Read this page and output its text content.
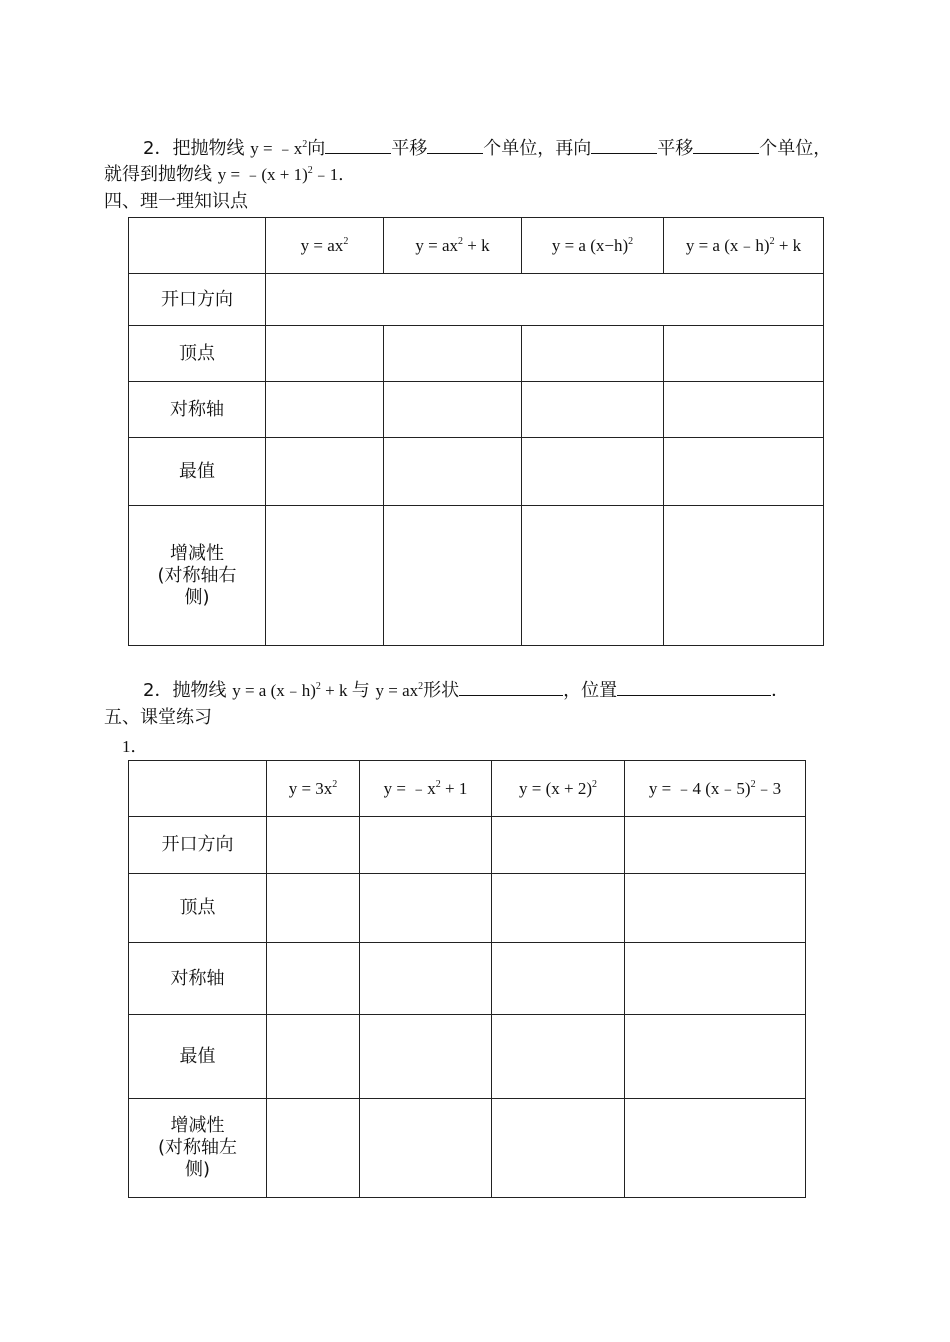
2．把抛物线 $y = ﹣x^2$向	平移	个单位，再向	平移	个单位，
就得到抛物线 y = ﹣(x + 1)$^2$﹣1．
四、理一理知识点
	$y = ax^2$	$y = ax^2 + k$	y = a $(x-h)^2$	y = a (x﹣h)$^2$ + k
开口方向				
顶点				
对称轴				
最值				

增减性
(对称轴右
侧)				

2．抛物线 y = a (x﹣h)$^2$ + k 与 $y = ax^2$形状	，位置	．
五、课堂练习
1．
	$y = 3x^2$	$y = ﹣x^2 + 1$	$y = (x + 2)^2$	y = ﹣4 (x﹣5)$^2$﹣3
开口方向				
顶点				
对称轴				
最值				

增减性
(对称轴左
侧)				
